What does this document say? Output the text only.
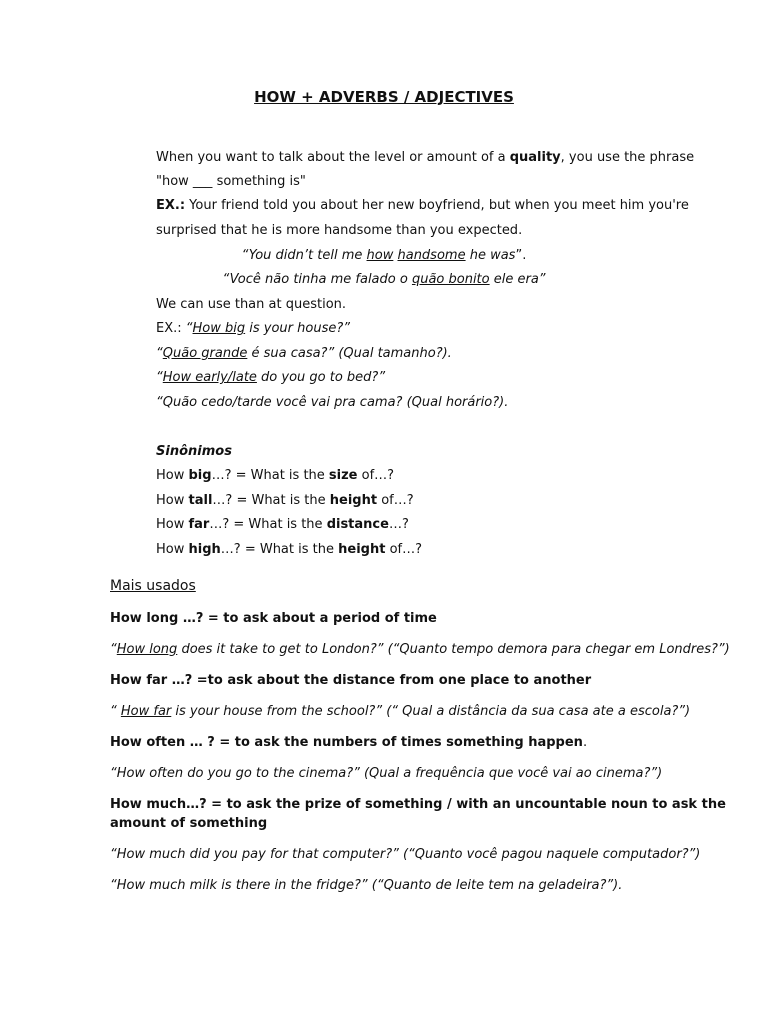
HOW + ADVERBS / ADJECTIVES
When you want to talk about the level or amount of a quality, you use the phrase
"how ___ something is"
EX.: Your friend told you about her new boyfriend, but when you meet him you're
surprised that he is more handsome than you expected.
“You didn’t tell me how handsome he was”.
“Você não tinha me falado o quão bonito ele era”
We can use than at question.
EX.: “How big is your house?”
“Quão grande é sua casa?” (Qual tamanho?).
“How early/late do you go to bed?”
“Quão cedo/tarde você vai pra cama? (Qual horário?).
Sinônimos
How big…? = What is the size of…?
How tall…? = What is the height of…?
How far…? = What is the distance…?
How high…? = What is the height of…?
Mais usados
How long …? = to ask about a period of time
“How long does it take to get to London?” (“Quanto tempo demora para chegar em Londres?”)
How far …? =to ask about the distance from one place to another
“ How far is your house from the school?” (“ Qual a distância da sua casa ate a escola?”)
How often … ? = to ask the numbers of times something happen.
“How often do you go to the cinema?” (Qual a frequência que você vai ao cinema?”)
How much…? = to ask the prize of something / with an uncountable noun to ask the
amount of something
“How much did you pay for that computer?” (“Quanto você pagou naquele computador?”)
“How much milk is there in the fridge?” (“Quanto de leite tem na geladeira?”).
